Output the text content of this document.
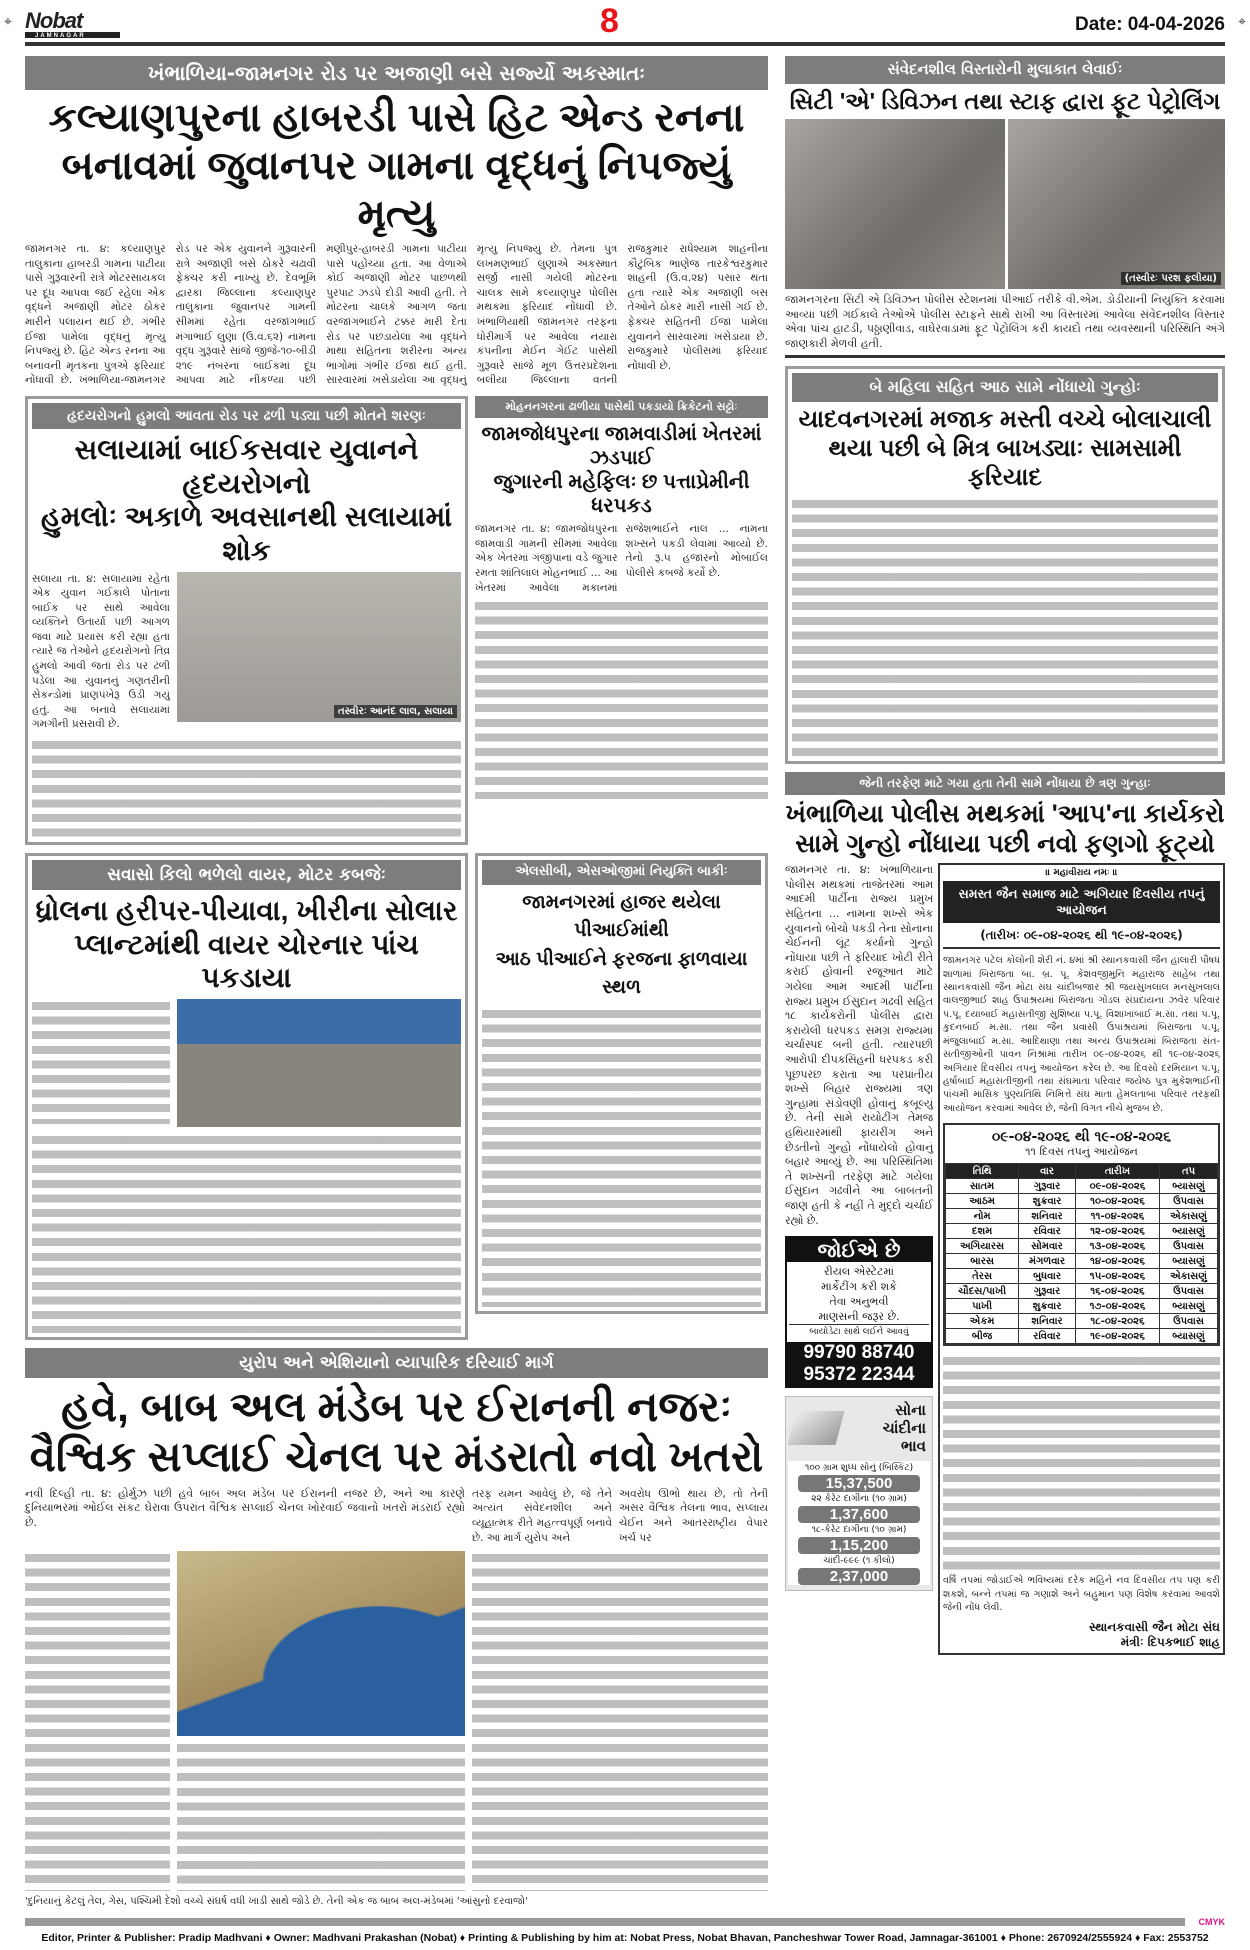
⌖	⌖
Nobat
JAMNAGAR	8	Date: 04-04-2026
ખંભાળિયા-જામનગર રોડ પર અજાણી બસે સર્જ્યો અકસ્માતઃ
કલ્યાણપુરના હાબરડી પાસે હિટ એન્ડ રનના
બનાવમાં જુવાનપર ગામના વૃદ્ધનું નિપજ્યું મૃત્યુ
જામનગર તા. ૪: કલ્યાણપુર તાલુકાના હાબરડી ગામના પાટીયા પાસે ગુરૂવારની રાત્રે મોટરસાયકલ પર દૂધ આપવા જઈ રહેલા એક વૃદ્ધને અજાણી મોટર ઠોકર મારીને પલાયન થઈ છે. ગંભીર ઈજા પામેલા વૃદ્ધનું મૃત્યુ નિપજ્યું છે. હિટ એન્ડ રનના આ બનાવની મૃતકના પુત્રએ ફરિયાદ નોંધાવી છે. ખંભાળિયા-જામનગર રોડ પર એક યુવાનને ગુરૂવારની રાત્રે અજાણી બસે ઠોકરે ચઢાવી ફેક્ચર કરી નાખ્યું છે. દેવભૂમિ દ્વારકા જિલ્લાના કલ્યાણપુર તાલુકાના જુવાનપર ગામની સીમમાં રહેતા વરજાંગભાઈ મંગાભાઈ લુણા (ઉ.વ.૬૨) નામના વૃદ્ધ ગુરૂવારે સાંજે જીજે-૧૦-બીડી ૨૧૯ નંબરના બાઈકમાં દૂધ આપવા માટે નીકળ્યા પછી મણીપુર-હાબરડી ગામના પાટીયા પાસે પહોંચ્યા હતા. આ વેળાએ કોઈ અજાણી મોટર પાછળથી પુરપાટ ઝડપે દોડી આવી હતી. તે મોટરના ચાલકે આગળ જતા વરજાંગભાઈને ટક્કર મારી દેતા રોડ પર પછડાયેલા આ વૃદ્ધને માથા સહિતના શરીરના અન્ય ભાગોમાં ગંભીર ઈજા થઈ હતી. સારવારમાં ખસેડાયેલા આ વૃદ્ધનું મૃત્યુ નિપજ્યું છે. તેમના પુત્ર લખમણભાઈ લુણાએ અકસ્માત સર્જી નાસી ગયેલી મોટરના ચાલક સામે કલ્યાણપુર પોલીસ મથકમાં ફરિયાદ નોંધાવી છે. ખંભાળિયાથી જામનગર તરફના ધોરીમાર્ગ પર આવેલા નયારા કંપનીના મેઈન ગેઈટ પાસેથી ગુરૂવારે સાંજે મૂળ ઉત્તરપ્રદેશના બલીયા જિલ્લાના વતની રાજકુમાર રાધેશ્યામ શાહનીના કૌટુંબિક ભાણેજ તારકેશ્વરકુમાર શાહની (ઉ.વ.૨૪) પસાર થતા હતા ત્યારે એક અજાણી બસ તેઓને ઠોકર મારી નાસી ગઈ છે. ફેક્ચર સહિતની ઈજા પામેલા યુવાનને સારવારમાં ખસેડાયા છે. રાજકુમારે પોલીસમાં ફરિયાદ નોંધાવી છે.
હૃદયરોગનો હુમલો આવતા રોડ પર ઢળી પડ્યા પછી મોતને શરણઃ
સલાયામાં બાઈકસવાર યુવાનને હૃદયરોગનો
હુમલોઃ અકાળે અવસાનથી સલાયામાં શોક
સલાયા તા. ૪: સલાયામાં રહેતા એક યુવાન ગઈકાલે પોતાના બાઈક પર સાથે આવેલા વ્યક્તિને ઉતાર્યા પછી આગળ જવા માટે પ્રયાસ કરી રહ્યા હતા ત્યારે જ તેઓને હૃદયરોગનો તિવ્ર હુમલો આવી જતાં રોડ પર ઢળી પડેલા આ યુવાનનું ગણતરીની સેકન્ડોમાં પ્રાણપંખેરૂ ઉડી ગયું હતું. આ બનાવે સલાયામાં ગમગીની પ્રસરાવી છે.
તસ્વીરઃ આનંદ લાલ, સલાયા
મોહનનગરના ઢાળીયા પાસેથી પકડાયો ક્રિકેટનો સટ્ટોઃ
જામજોધપુરના જામવાડીમાં ખેતરમાં ઝડપાઈ
જુગારની મહેફિલઃ છ પત્તાપ્રેમીની ધરપકડ
જામનગર તા. ૪: જામજોધપુરના જામવાડી ગામની સીમમાં આવેલા એક ખેતરમાં ગંજીપાના વડે જુગાર રમતા શાંતિલાલ મોહનભાઈ ... આ ખેતરમાં આવેલા મકાનમાં રાજેશભાઈને નાલ ... નામના શખ્સને પકડી લેવામાં આવ્યો છે. તેનો રૂ.૫ હજારનો મોબાઈલ પોલીસે કબજે કર્યો છે.
સવાસો કિલો ભળેલો વાયર, મોટર કબજેઃ
ધ્રોલના હરીપર-પીયાવા, ખીરીના સોલાર
પ્લાન્ટમાંથી વાયર ચોરનાર પાંચ પકડાયા
એલસીબી, એસઓજીમાં નિયુક્તિ બાકીઃ
જામનગરમાં હાજર થયેલા પીઆઈમાંથી
આઠ પીઆઈને ફરજના ફાળવાયા સ્થળ
યુરોપ અને એશિયાનો વ્યાપારિક દરિયાઈ માર્ગ
હવે, બાબ અલ મંડેબ પર ઈરાનની નજરઃ
વૈશ્વિક સપ્લાઈ ચેનલ પર મંડરાતો નવો ખતરો
નવી દિલ્હી તા. ૪: હોર્મુઝ પછી હવે બાબ અલ મંડેબ પર ઈરાનની નજર છે, અને આ કારણે દુનિયાભરમાં ઓઈલ સંકટ ઘેરાવા ઉપરાંત વૈશ્વિક સપ્લાઈ ચેનલ ખોરવાઈ જવાનો ખતરો મંડરાઈ રહ્યો છે.
તરફ યમન આવેલું છે, જે તેને અત્યંત સંવેદનશીલ અને વ્યૂહાત્મક રીતે મહત્ત્વપૂર્ણ બનાવે છે. આ માર્ગ યુરોપ અને
અવરોધ ઊભો થાય છે, તો તેની અસર વૈશ્વિક તેલના ભાવ, સપ્લાય ચેઈન અને આંતરરાષ્ટ્રીય વેપાર ખર્ચ પર
'દુનિયાનું કેટલું તેલ, ગેસ, પશ્ચિમી દેશો વચ્ચે સંઘર્ષ વધી ખાડી સાથે જોડે છે. તેની એક જ બાબ અલ-મંડેબમાં 'આંસુનો દરવાજો'
સંવેદનશીલ વિસ્તારોની મુલાકાત લેવાઈઃ
સિટી 'એ' ડિવિઝન તથા સ્ટાફ દ્વારા ફૂટ પેટ્રોલિંગ
(તસ્વીરઃ પરશ ફલીયા)
જામનગરના સિટી એ ડિવિઝન પોલીસ સ્ટેશનમાં પીઆઈ તરીકે વી.એમ. ડોડીયાની નિયુક્તિ કરવામાં આવ્યા પછી ગઈકાલે તેઓએ પોલીસ સ્ટાફને સાથે રાખી આ વિસ્તારમાં આવેલા સંવેદનશીલ વિસ્તાર એવા પાંચ હાટડી, પઠ્ઠાણીવાડ, વાઘેરવાડામાં ફૂટ પેટ્રોલિંગ કરી કાયદો તથા વ્યવસ્થાની પરિસ્થિતિ અંગે જાણકારી મેળવી હતી.
બે મહિલા સહિત આઠ સામે નોંધાયો ગુન્હોઃ
યાદવનગરમાં મજાક મસ્તી વચ્ચે બોલાચાલી
થયા પછી બે મિત્ર બાખડ્યાઃ સામસામી ફરિયાદ
જેની તરફેણ માટે ગયા હતા તેની સામે નોંધાયા છે ત્રણ ગુન્હાઃ
ખંભાળિયા પોલીસ મથકમાં 'આપ'ના કાર્યકરો
સામે ગુન્હો નોંધાયા પછી નવો ફણગો ફૂટ્યો
જામનગર તા. ૪: ખંભાળિયાના પોલીસ મથકમાં તાજેતરમાં આમ આદમી પાર્ટીના રાજ્ય પ્રમુખ સહિતના ... નામના શખ્સે એક યુવાનનો બોચો પકડી તેના સોનાના ચેઈનની લૂંટ કર્યાનો ગુન્હો નોંધાયા પછી તે ફરિયાદ ખોટી રીતે કરાઈ હોવાની રજૂઆત માટે ગયેલા આમ આદમી પાર્ટીના રાજ્ય પ્રમુખ ઈસુદાન ગઢવી સહિત ૧૮ કાર્યકરોની પોલીસ દ્વારા કરાયેલી ધરપકડ સમગ્ર રાજ્યમાં ચર્ચાસ્પદ બની હતી. ત્યારપછી આરોપી દીપકસિંહની ધરપકડ કરી પૂછપરછ કરાતા આ પરપ્રાંતીય શખ્સે બિહાર રાજ્યમાં ત્રણ ગુન્હામાં સંડોવણી હોવાનું કબૂલ્યું છે. તેની સામે રાયોટીંગ તેમજ હથિયારમાંથી ફાયરીંગ અને છેડતીનો ગુન્હો નોંધાયેલો હોવાનું બહાર આવ્યું છે. આ પરિસ્થિતિમાં તે શખ્સની તરફેણ માટે ગયેલા ઈસુદાન ગઢવીને આ બાબતની જાણ હતી કે નહીં તે મુદ્દો ચર્ચાઈ રહ્યો છે.
જોઈએ છે
રીયલ એસ્ટેટમાં
માર્કેટીંગ કરી શકે
તેવા અનુભવી
માણસની જરૂર છે.
બાયોડેટા સાથે લઈને આવવું
99790 88740
95372 22344
સોના
ચાંદીના
ભાવ
૧૦૦ ગ્રામ શુધ્ધ સોનું (બિસ્કિટ)
15,37,500
૨૨ કેરેટ દાગીના (૧૦ ગ્રામ)
1,37,600
૧૮-કેરેટ દાગીના (૧૦ ગ્રામ)
1,15,200
ચાંદી-૯૯૯ (૧ કીલો)
2,37,000
॥ મહાવીરાય નમઃ ॥
સમસ્ત જૈન સમાજ માટે અગિયાર દિવસીય તપનું આયોજન
(તારીખઃ ૦૯-૦૪-૨૦૨૬ થી ૧૯-૦૪-૨૦૨૬)
જામનગર પટેલ કોલોની શેરી નં. ૪માં શ્રી સ્થાનકવાસી જૈન હાલારી પૌષધ શાળામાં બિરાજતા બા. બ્ર. પૂ. કેશવજીમુનિ મહારાજ સાહેબ તથા સ્થાનકવાસી જૈન મોટા સંઘ ચાંદીબજાર શ્રી જયસુખલાલ મનસુખલાલ વાલજીભાઈ શાહ ઉપાશ્રયમાં બિરાજતા ગોંડલ સંપ્રદાયના ઝવેર પરિવાર પ.પૂ. દયાબાઈ મહાસતીજી સુશિષ્યા પ.પૂ. વિશાખાબાઈ મ.સા. તથા પ.પૂ. કુંદનબાઈ મ.સા. તથા જૈન પ્રવાસી ઉપાશ્રયમાં બિરાજતા પ.પૂ. મંજુલાબાઈ મ.સા. આદિથાણા તથા અન્ય ઉપાશ્રયમાં બિરાજતા સંત-સતીજીઓની પાવન નિશ્રામાં તારીખ ૦૯-૦૪-૨૦૨૬ થી ૧૯-૦૪-૨૦૨૬ અગિયાર દિવસીય તપનું આયોજન કરેલ છે. આ દિવસો દરમિયાન પ.પૂ. હર્ષાબાઈ મહાસતીજીની તથા સંઘમાતા પરિવાર જયેષ્ઠ પુત્ર મુકેશભાઈની પાંચમી માસિક પુણ્યતિથિ નિમિત્તે સંઘ માતા હેમલતાબા પરિવાર તરફથી આયોજન કરવામાં આવેલ છે, જેની વિગત નીચે મુજબ છે.
૦૯-૦૪-૨૦૨૬ થી ૧૯-૦૪-૨૦૨૬
૧૧ દિવસ તપનું આયોજન
તિથિ	વાર	તારીખ	તપ
સાતમ	ગુરૂવાર	૦૯-૦૪-૨૦૨૬	બ્યાસણું
આઠમ	શુક્રવાર	૧૦-૦૪-૨૦૨૬	ઉપવાસ
નોમ	શનિવાર	૧૧-૦૪-૨૦૨૬	એકાસણું
દશમ	રવિવાર	૧૨-૦૪-૨૦૨૬	બ્યાસણું
અગિયારસ	સોમવાર	૧૩-૦૪-૨૦૨૬	ઉપવાસ
બારસ	મંગળવાર	૧૪-૦૪-૨૦૨૬	બ્યાસણું
તેરસ	બુધવાર	૧૫-૦૪-૨૦૨૬	એકાસણું
ચૌદસ/પાખી	ગુરૂવાર	૧૬-૦૪-૨૦૨૬	ઉપવાસ
પાખી	શુક્રવાર	૧૭-૦૪-૨૦૨૬	બ્યાસણું
એકમ	શનિવાર	૧૮-૦૪-૨૦૨૬	ઉપવાસ
બીજ	રવિવાર	૧૯-૦૪-૨૦૨૬	બ્યાસણું
વર્ષિ તપમાં જોડાઈએ ભવિષ્યમાં દરેક મહિને નવ દિવસીય તપ પણ કરી શકશે, બન્ને તપમાં જ ગણાશે અને બહુમાન પણ વિશેષ કરવામાં આવશે જેની નોંધ લેવી.
સ્થાનકવાસી જૈન મોટા સંઘ
મંત્રીઃ દિપકભાઈ શાહ
CMYK
Editor, Printer & Publisher: Pradip Madhvani ♦ Owner: Madhvani Prakashan (Nobat) ♦ Printing & Publishing by him at: Nobat Press, Nobat Bhavan, Pancheshwar Tower Road, Jamnagar-361001 ♦ Phone: 2670924/2555924 ♦ Fax: 2553752
